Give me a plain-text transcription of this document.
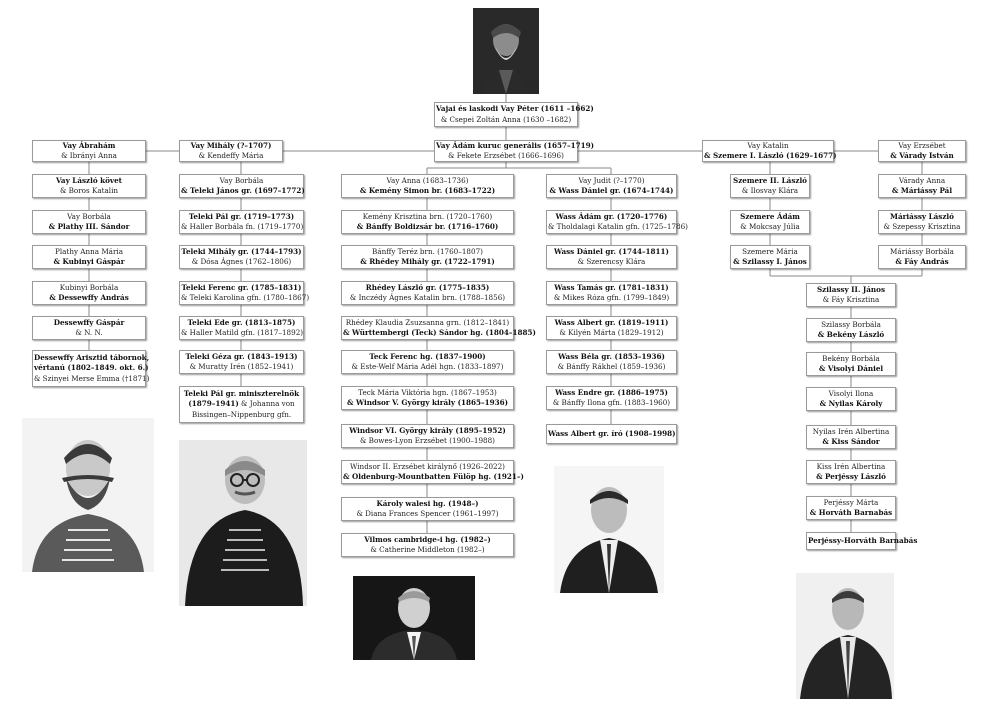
Vajai és laskodi Vay Péter (1611 –1662)
& Csepei Zoltán Anna (1630 –1682)
Vay Ábrahám
& Ibrányi Anna
Vay Mihály (?–1707)
& Kendeffy Mária
Vay Ádám kuruc generális (1657–1719)
& Fekete Erzsébet (1666–1696)
Vay Katalin
& Szemere I. László (1629–1677)
Vay Erzsébet
& Várady István
Vay László követ
& Boros Katalin
Vay Borbála
& Plathy III. Sándor
Plathy Anna Mária
& Kubinyi Gáspár
Kubinyi Borbála
& Dessewffy András
Dessewffy Gáspár
& N. N.
Dessewffy Arisztid tábornok,
vértanú (1802–1849. okt. 6.)
& Szinyei Merse Emma (†1871)
Vay Borbála
& Teleki János gr. (1697–1772)
Teleki Pál gr. (1719–1773)
& Haller Borbála fn. (1719–1770)
Teleki Mihály gr. (1744–1793)
& Dósa Ágnes (1762–1806)
Teleki Ferenc gr. (1785–1831)
& Teleki Karolina gfn. (1780–1867)
Teleki Ede gr. (1813–1875)
& Haller Matild gfn. (1817–1892)
Teleki Géza gr. (1843–1913)
& Muratty Irén (1852–1941)
Teleki Pál gr. miniszterelnök
(1879–1941) & Johanna von
Bissingen–Nippenburg gfn.
Vay Anna (1683–1736)
& Kemény Simon br. (1683–1722)
Kemény Krisztina brn. (1720–1760)
& Bánffy Boldizsár br. (1716–1760)
Bánffy Teréz brn. (1760–1807)
& Rhédey Mihály gr. (1722–1791)
Rhédey László gr. (1775–1835)
& Inczédy Ágnes Katalin brn. (1788–1856)
Rhédey Klaudia Zsuzsanna grn. (1812–1841)
& Württembergi (Teck) Sándor hg. (1804–1885)
Teck Ferenc hg. (1837–1900)
& Este-Welf Mária Adél hgn. (1833–1897)
Teck Mária Viktória hgn. (1867–1953)
& Windsor V. György király (1865–1936)
Windsor VI. György király (1895–1952)
& Bowes-Lyon Erzsébet (1900–1988)
Windsor II. Erzsébet királynő (1926–2022)
& Oldenburg-Mountbatten Fülöp hg. (1921–)
Károly walesi hg. (1948–)
& Diana Frances Spencer (1961–1997)
Vilmos cambridge-i hg. (1982–)
& Catherine Middleton (1982–)
Vay Judit (?–1770)
& Wass Dániel gr. (1674–1744)
Wass Ádám gr. (1720–1776)
& Tholdalagi Katalin gfn. (1725–1786)
Wass Dániel gr. (1744–1811)
& Szerencsy Klára
Wass Tamás gr. (1781–1831)
& Mikes Róza gfn. (1799–1849)
Wass Albert gr. (1819–1911)
& Kilyén Márta (1829–1912)
Wass Béla gr. (1853–1936)
& Bánffy Rákhel (1859–1936)
Wass Endre gr. (1886–1975)
& Bánffy Ilona gfn. (1883–1960)
Wass Albert gr. író (1908–1998)
Szemere II. László
& Ilosvay Klára
Szemere Ádám
& Mokcsay Júlia
Szemere Mária
& Szilassy I. János
Várady Anna
& Máriássy Pál
Máriássy László
& Szepessy Krisztina
Máriássy Borbála
& Fáy András
Szilassy II. János
& Fáy Krisztina
Szilassy Borbála
& Bekény László
Bekény Borbála
& Visolyi Dániel
Visolyi Ilona
& Nyilas Károly
Nyilas Irén Albertina
& Kiss Sándor
Kiss Irén Albertina
& Perjéssy László
Perjéssy Márta
& Horváth Barnabás
Perjéssy-Horváth Barnabás
